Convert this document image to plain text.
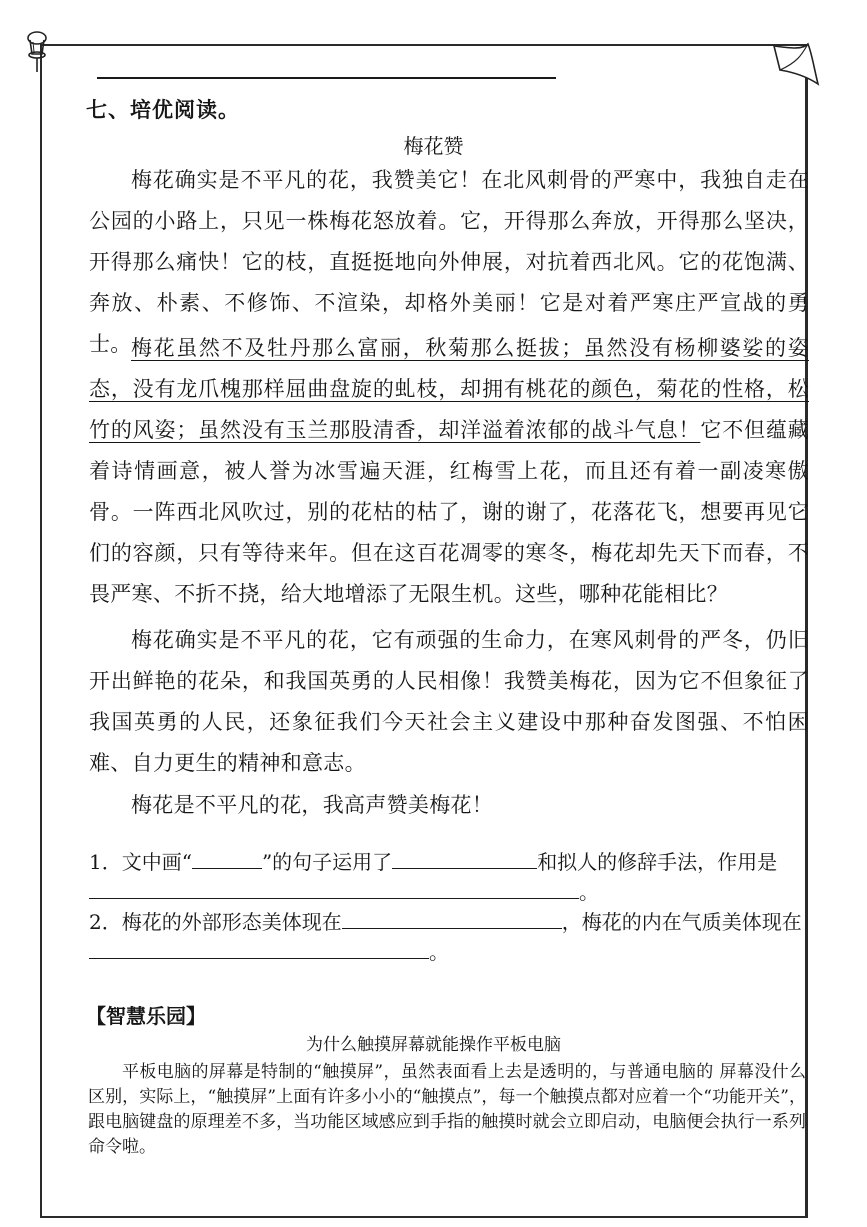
七、培优阅读。
梅花赞
梅花确实是不平凡的花，我赞美它！在北风刺骨的严寒中，我独自走在公园的小路上，只见一株梅花怒放着。它，开得那么奔放，开得那么坚决，开得那么痛快！它的枝，直挺挺地向外伸展，对抗着西北风。它的花饱满、奔放、朴素、不修饰、不渲染，却格外美丽！它是对着严寒庄严宣战的勇士。 梅花虽然不及牡丹那么富丽，秋菊那么挺拔；虽然没有杨柳婆娑的姿态，没有龙爪槐那样屈曲盘旋的虬枝，却拥有桃花的颜色，菊花的性格，松竹的风姿；虽然没有玉兰那股清香，却洋溢着浓郁的战斗气息！它不但蕴藏着诗情画意，被人誉为冰雪遍天涯，红梅雪上花，而且还有着一副凌寒傲骨。一阵西北风吹过，别的花枯的枯了，谢的谢了，花落花飞，想要再见它们的容颜，只有等待来年。但在这百花凋零的寒冬，梅花却先天下而春，不畏严寒、不折不挠，给大地增添了无限生机。这些，哪种花能相比？
梅花确实是不平凡的花，它有顽强的生命力，在寒风刺骨的严冬，仍旧开出鲜艳的花朵，和我国英勇的人民相像！我赞美梅花，因为它不但象征了我国英勇的人民，还象征我们今天社会主义建设中那种奋发图强、不怕困难、自力更生的精神和意志。
梅花是不平凡的花，我高声赞美梅花！
1．文中画“	”的句子运用了	和拟人的修辞手法，作用是。
2．梅花的外部形态美体现在	，梅花的内在气质美体现在。
【智慧乐园】
为什么触摸屏幕就能操作平板电脑
平板电脑的屏幕是特制的“触摸屏”，虽然表面看上去是透明的，与普通电脑的 屏幕没什么区别，实际上，“触摸屏”上面有许多小小的“触摸点”，每一个触摸点都对应着一个“功能开关”，跟电脑键盘的原理差不多，当功能区域感应到手指的触摸时就会立即启动，电脑便会执行一系列命令啦。
